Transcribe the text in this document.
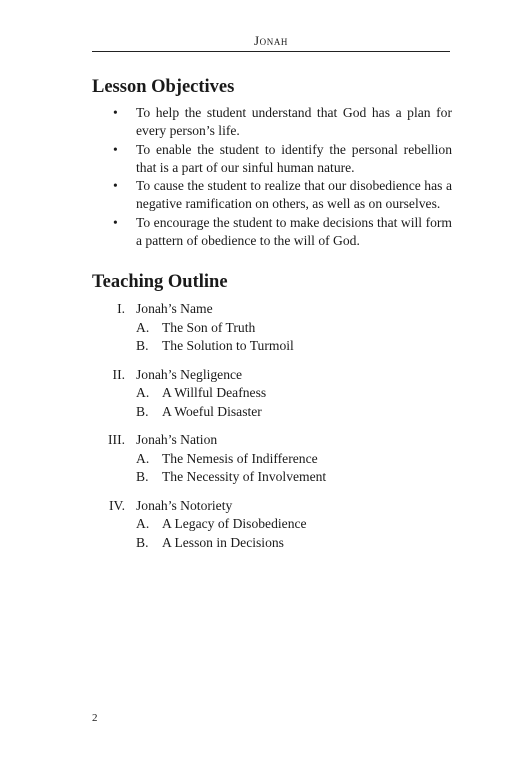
Jonah
Lesson Objectives
• To help the student understand that God has a plan for every person’s life.
• To enable the student to identify the personal rebellion that is a part of our sinful human nature.
• To cause the student to realize that our disobedience has a negative ramification on others, as well as on ourselves.
• To encourage the student to make decisions that will form a pattern of obedience to the will of God.
Teaching Outline
I. Jonah’s Name
A. The Son of Truth
B. The Solution to Turmoil
II. Jonah’s Negligence
A. A Willful Deafness
B. A Woeful Disaster
III. Jonah’s Nation
A. The Nemesis of Indifference
B. The Necessity of Involvement
IV. Jonah’s Notoriety
A. A Legacy of Disobedience
B. A Lesson in Decisions
2
